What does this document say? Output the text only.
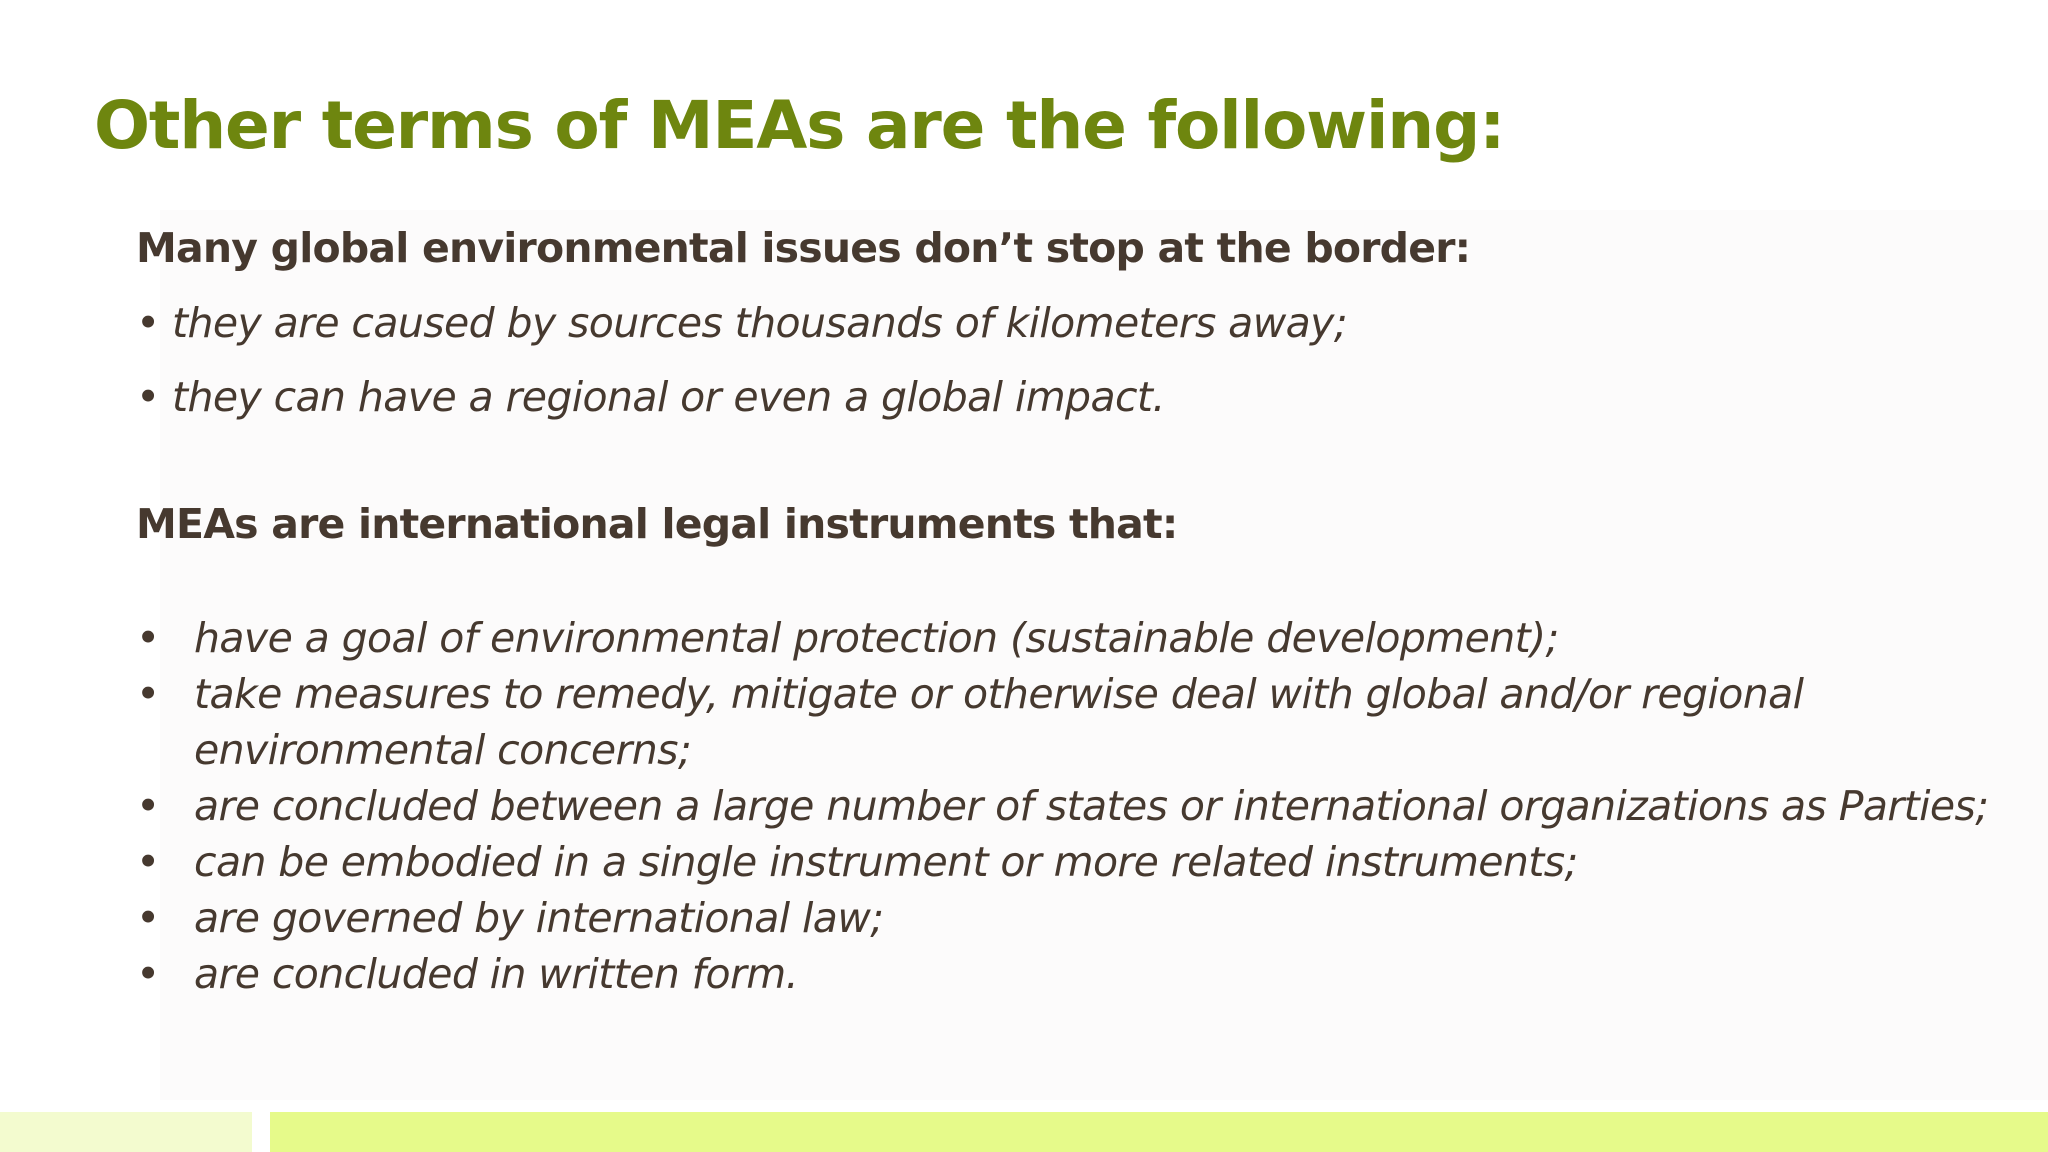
Other terms of MEAs are the following:
Many global environmental issues don’t stop at the border:
• they are caused by sources thousands of kilometers away;
• they can have a regional or even a global impact.
MEAs are international legal instruments that:
• have a goal of environmental protection (sustainable development);
• take measures to remedy, mitigate or otherwise deal with global and/or regional
environmental concerns;
• are concluded between a large number of states or international organizations as Parties;
• can be embodied in a single instrument or more related instruments;
• are governed by international law;
• are concluded in written form.
